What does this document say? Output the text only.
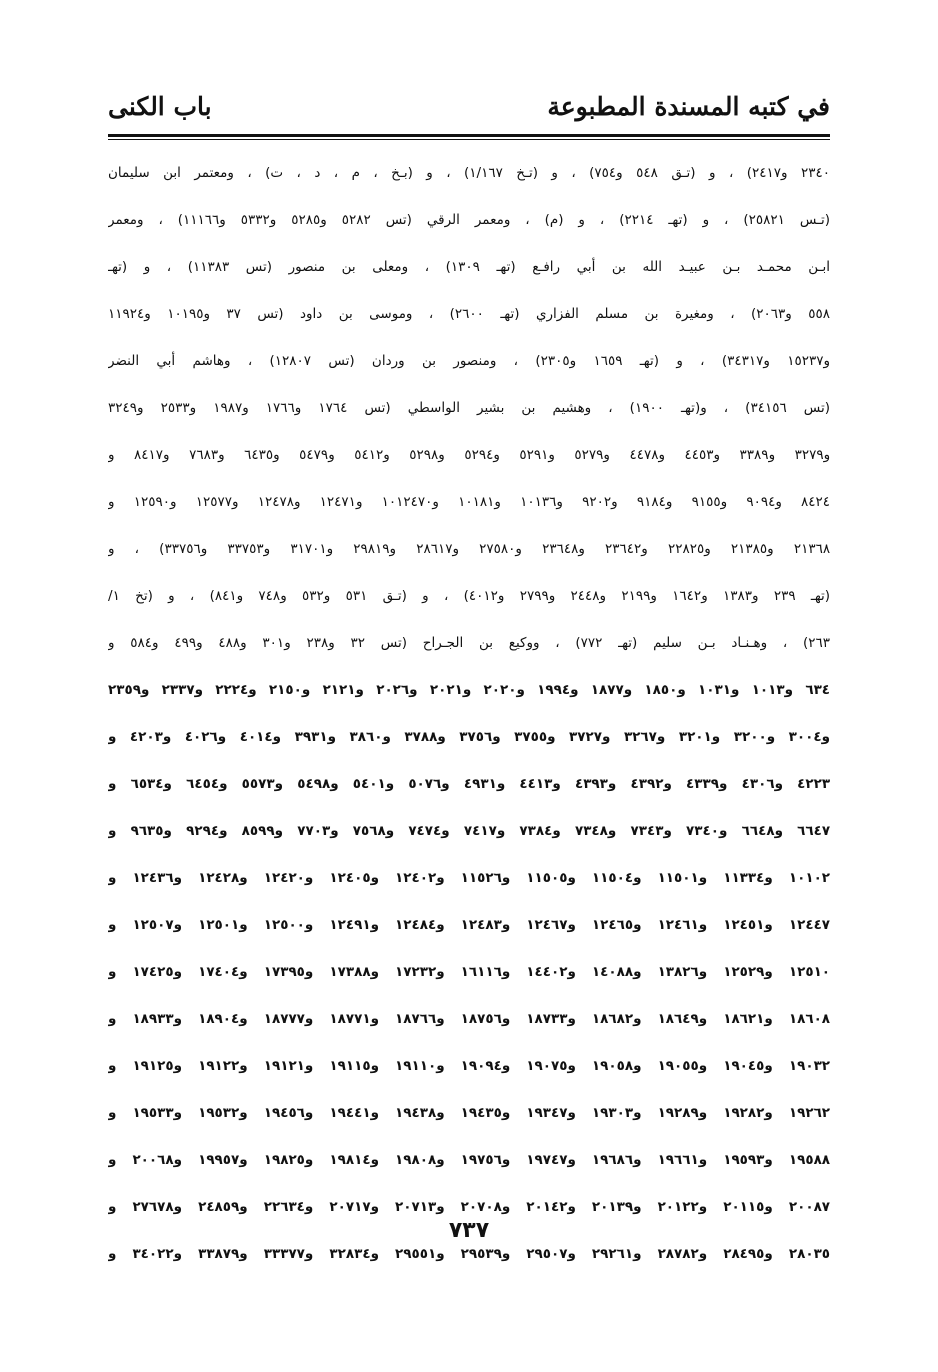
في كتبه المسندة المطبوعة
باب الكنى
٢٣٤٠ و٢٤١٧) ، و (تـق ٥٤٨ و٧٥٤) ، و (تـخ ١/١٦٧) ، و (بـخ ، م ، د ، ت) ، ومعتمر ابن سليمان
(تـس ٢٥٨٢١) ، و (تهـ ٢٢١٤) ، و (م) ، ومعمر الرقي (تس ٥٢٨٢ و٥٢٨٥ و٥٣٣٢ و١١١٦٦) ، ومعمر
ابـن محمـد بـن عبيـد الله بن أبي رافـع (تهـ ١٣٠٩) ، ومعلى بن منصور (تس ١١٣٨٣) ، و (تهـ
٥٥٨ و٢٠٦٣) ، ومغيرة بن مسلم الفزاري (تهـ ٢٦٠٠) ، وموسى بن داود (تس ٣٧ و١٠١٩٥ و١١٩٢٤
و١٥٢٣٧ و٣٤٣١٧) ، و (تهـ ١٦٥٩ و٢٣٠٥) ، ومنصور بن وردان (تس ١٢٨٠٧) ، وهاشم أبي النضر
(تس ٣٤١٥٦) ، و(تهـ ١٩٠٠) ، وهشيم بن بشير الواسطي (تس ١٧٦٤ و١٧٦٦ و١٩٨٧ و٢٥٣٣ و٣٢٤٩
و٣٢٧٩ و٣٣٨٩ و٤٤٥٣ و٤٤٧٨ و٥٢٧٩ و٥٢٩١ و٥٢٩٤ و٥٢٩٨ و٥٤١٢ و٥٤٧٩ و٦٤٣٥ و٧٦٨٣ و٨٤١٧ و
٨٤٢٤ و٩٠٩٤ و٩١٥٥ و٩١٨٤ و٩٢٠٢ و١٠١٣٦ و١٠١٨١ و١٠١٢٤٧٠ و١٢٤٧١ و١٢٤٧٨ و١٢٥٧٧ و١٢٥٩٠ و
٢١٣٦٨ و٢١٣٨٥ و٢٢٨٢٥ و٢٣٦٤٢ و٢٣٦٤٨ و٢٧٥٨٠ و٢٨٦١٧ و٢٩٨١٩ و٣١٧٠١ و٣٣٧٥٣ و٣٣٧٥٦) ، و
(تهـ ٢٣٩ و١٣٨٣ و١٦٤٢ و٢١٩٩ و٢٤٤٨ و٢٧٩٩ و٤٠١٢) ، و (تـق ٥٣١ و٥٣٢ و٧٤٨ و٨٤١) ، و (تخ ١/
٢٦٣) ، وهـنـاد بـن سليم (تهـ ٧٧٢) ، ووكيع بن الجـراح (تس ٣٢ و٢٣٨ و٣٠١ و٤٨٨ و٤٩٩ و٥٨٤ و
٦٣٤ و١٠١٣ و١٠٣١ و١٨٥٠ و١٨٧٧ و١٩٩٤ و٢٠٢٠ و٢٠٢١ و٢٠٢٦ و٢١٢١ و٢١٥٠ و٢٢٢٤ و٢٣٣٧ و٢٣٥٩
و٣٠٠٤ و٣٢٠٠ و٣٢٠١ و٣٢٦٧ و٣٧٢٧ و٣٧٥٥ و٣٧٥٦ و٣٧٨٨ و٣٨٦٠ و٣٩٣١ و٤٠١٤ و٤٠٢٦ و٤٢٠٣ و
٤٢٢٣ و٤٣٠٦ و٤٣٣٩ و٤٣٩٢ و٤٣٩٣ و٤٤١٣ و٤٩٣١ و٥٠٧٦ و٥٤٠١ و٥٤٩٨ و٥٥٧٣ و٦٤٥٤ و٦٥٣٤ و
٦٦٤٧ و٦٦٤٨ و٧٣٤٠ و٧٣٤٣ و٧٣٤٨ و٧٣٨٤ و٧٤١٧ و٧٤٧٤ و٧٥٦٨ و٧٧٠٣ و٨٥٩٩ و٩٢٩٤ و٩٦٣٥ و
١٠١٠٢ و١١٣٣٤ و١١٥٠١ و١١٥٠٤ و١١٥٠٥ و١١٥٢٦ و١٢٤٠٢ و١٢٤٠٥ و١٢٤٢٠ و١٢٤٢٨ و١٢٤٣٦ و
١٢٤٤٧ و١٢٤٥١ و١٢٤٦١ و١٢٤٦٥ و١٢٤٦٧ و١٢٤٨٣ و١٢٤٨٤ و١٢٤٩١ و١٢٥٠٠ و١٢٥٠١ و١٢٥٠٧ و
١٢٥١٠ و١٢٥٢٩ و١٣٨٢٦ و١٤٠٨٨ و١٤٤٠٢ و١٦١١٦ و١٧٢٣٢ و١٧٣٨٨ و١٧٣٩٥ و١٧٤٠٤ و١٧٤٢٥ و
١٨٦٠٨ و١٨٦٢١ و١٨٦٤٩ و١٨٦٨٢ و١٨٧٣٣ و١٨٧٥٦ و١٨٧٦٦ و١٨٧٧١ و١٨٧٧٧ و١٨٩٠٤ و١٨٩٣٣ و
١٩٠٣٢ و١٩٠٤٥ و١٩٠٥٥ و١٩٠٥٨ و١٩٠٧٥ و١٩٠٩٤ و١٩١١٠ و١٩١١٥ و١٩١٢١ و١٩١٢٢ و١٩١٢٥ و
١٩٢٦٢ و١٩٢٨٢ و١٩٢٨٩ و١٩٣٠٣ و١٩٣٤٧ و١٩٤٣٥ و١٩٤٣٨ و١٩٤٤١ و١٩٤٥٦ و١٩٥٣٢ و١٩٥٣٣ و
١٩٥٨٨ و١٩٥٩٣ و١٩٦٦١ و١٩٦٨٦ و١٩٧٤٧ و١٩٧٥٦ و١٩٨٠٨ و١٩٨١٤ و١٩٨٢٥ و١٩٩٥٧ و٢٠٠٦٨ و
٢٠٠٨٧ و٢٠١١٥ و٢٠١٢٢ و٢٠١٣٩ و٢٠١٤٢ و٢٠٧٠٨ و٢٠٧١٣ و٢٠٧١٧ و٢٢٦٣٤ و٢٤٨٥٩ و٢٧٦٧٨ و
٢٨٠٣٥ و٢٨٤٩٥ و٢٨٧٨٢ و٢٩٢٦١ و٢٩٥٠٧ و٢٩٥٣٩ و٢٩٥٥١ و٣٢٨٣٤ و٣٣٣٧٧ و٣٣٨٧٩ و٣٤٠٢٢ و
٧٣٧
